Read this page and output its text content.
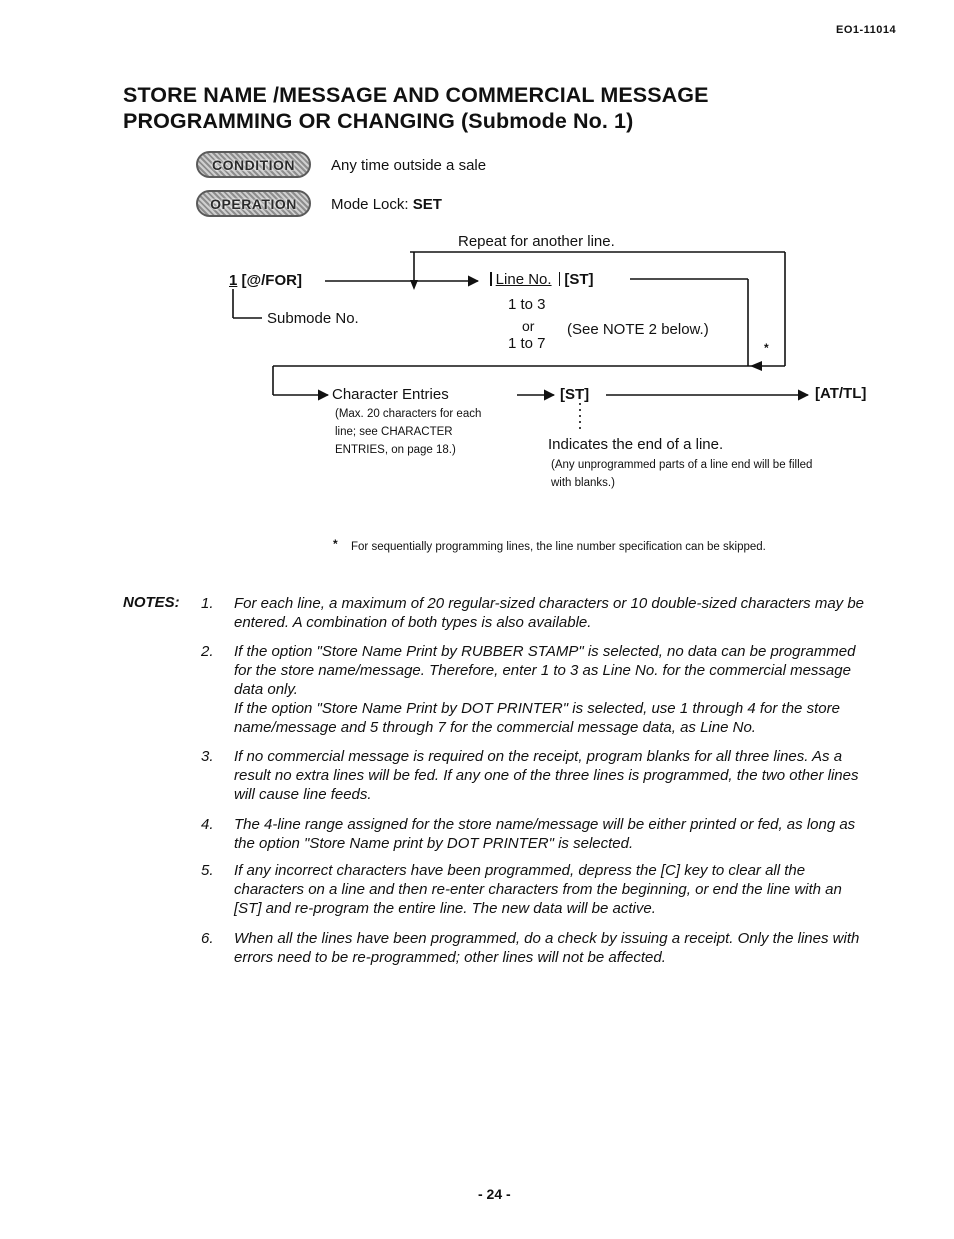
EO1-11014
STORE NAME /MESSAGE AND COMMERCIAL MESSAGE
PROGRAMMING OR CHANGING (Submode No. 1)
CONDITION Any time outside a sale
OPERATION Mode Lock: SET
Repeat for another line.
1 [@/FOR]
Submode No.
Line No. [ST]
1 to 3
or
1 to 7
(See NOTE 2 below.)
*
Character Entries
(Max. 20 characters for each line; see CHARACTER ENTRIES, on page 18.)
[ST]	[AT/TL]
Indicates the end of a line.
(Any unprogrammed parts of a line end will be filled with blanks.)
* For sequentially programming lines, the line number specification can be skipped.
NOTES: 1.	For each line, a maximum of 20 regular-sized characters or 10 double-sized characters may be entered. A combination of both types is also available.

2.	If the option "Store Name Print by RUBBER STAMP" is selected, no data can be programmed for the store name/message. Therefore, enter 1 to 3 as Line No. for the commercial message data only.

If the option "Store Name Print by DOT PRINTER" is selected, use 1 through 4 for the store name/message and 5 through 7 for the commercial message data, as Line No.

3.	If no commercial message is required on the receipt, program blanks for all three lines. As a result no extra lines will be fed. If any one of the three lines is programmed, the two other lines will cause line feeds.

4.	The 4-line range assigned for the store name/message will be either printed or fed, as long as the option "Store Name print by DOT PRINTER" is selected.

5.	If any incorrect characters have been programmed, depress the [C] key to clear all the characters on a line and then re-enter characters from the beginning, or end the line with an [ST] and re-program the entire line. The new data will be active.

6.	When all the lines have been programmed, do a check by issuing a receipt. Only the lines with errors need to be re-programmed; other lines will not be affected.

- 24 -
